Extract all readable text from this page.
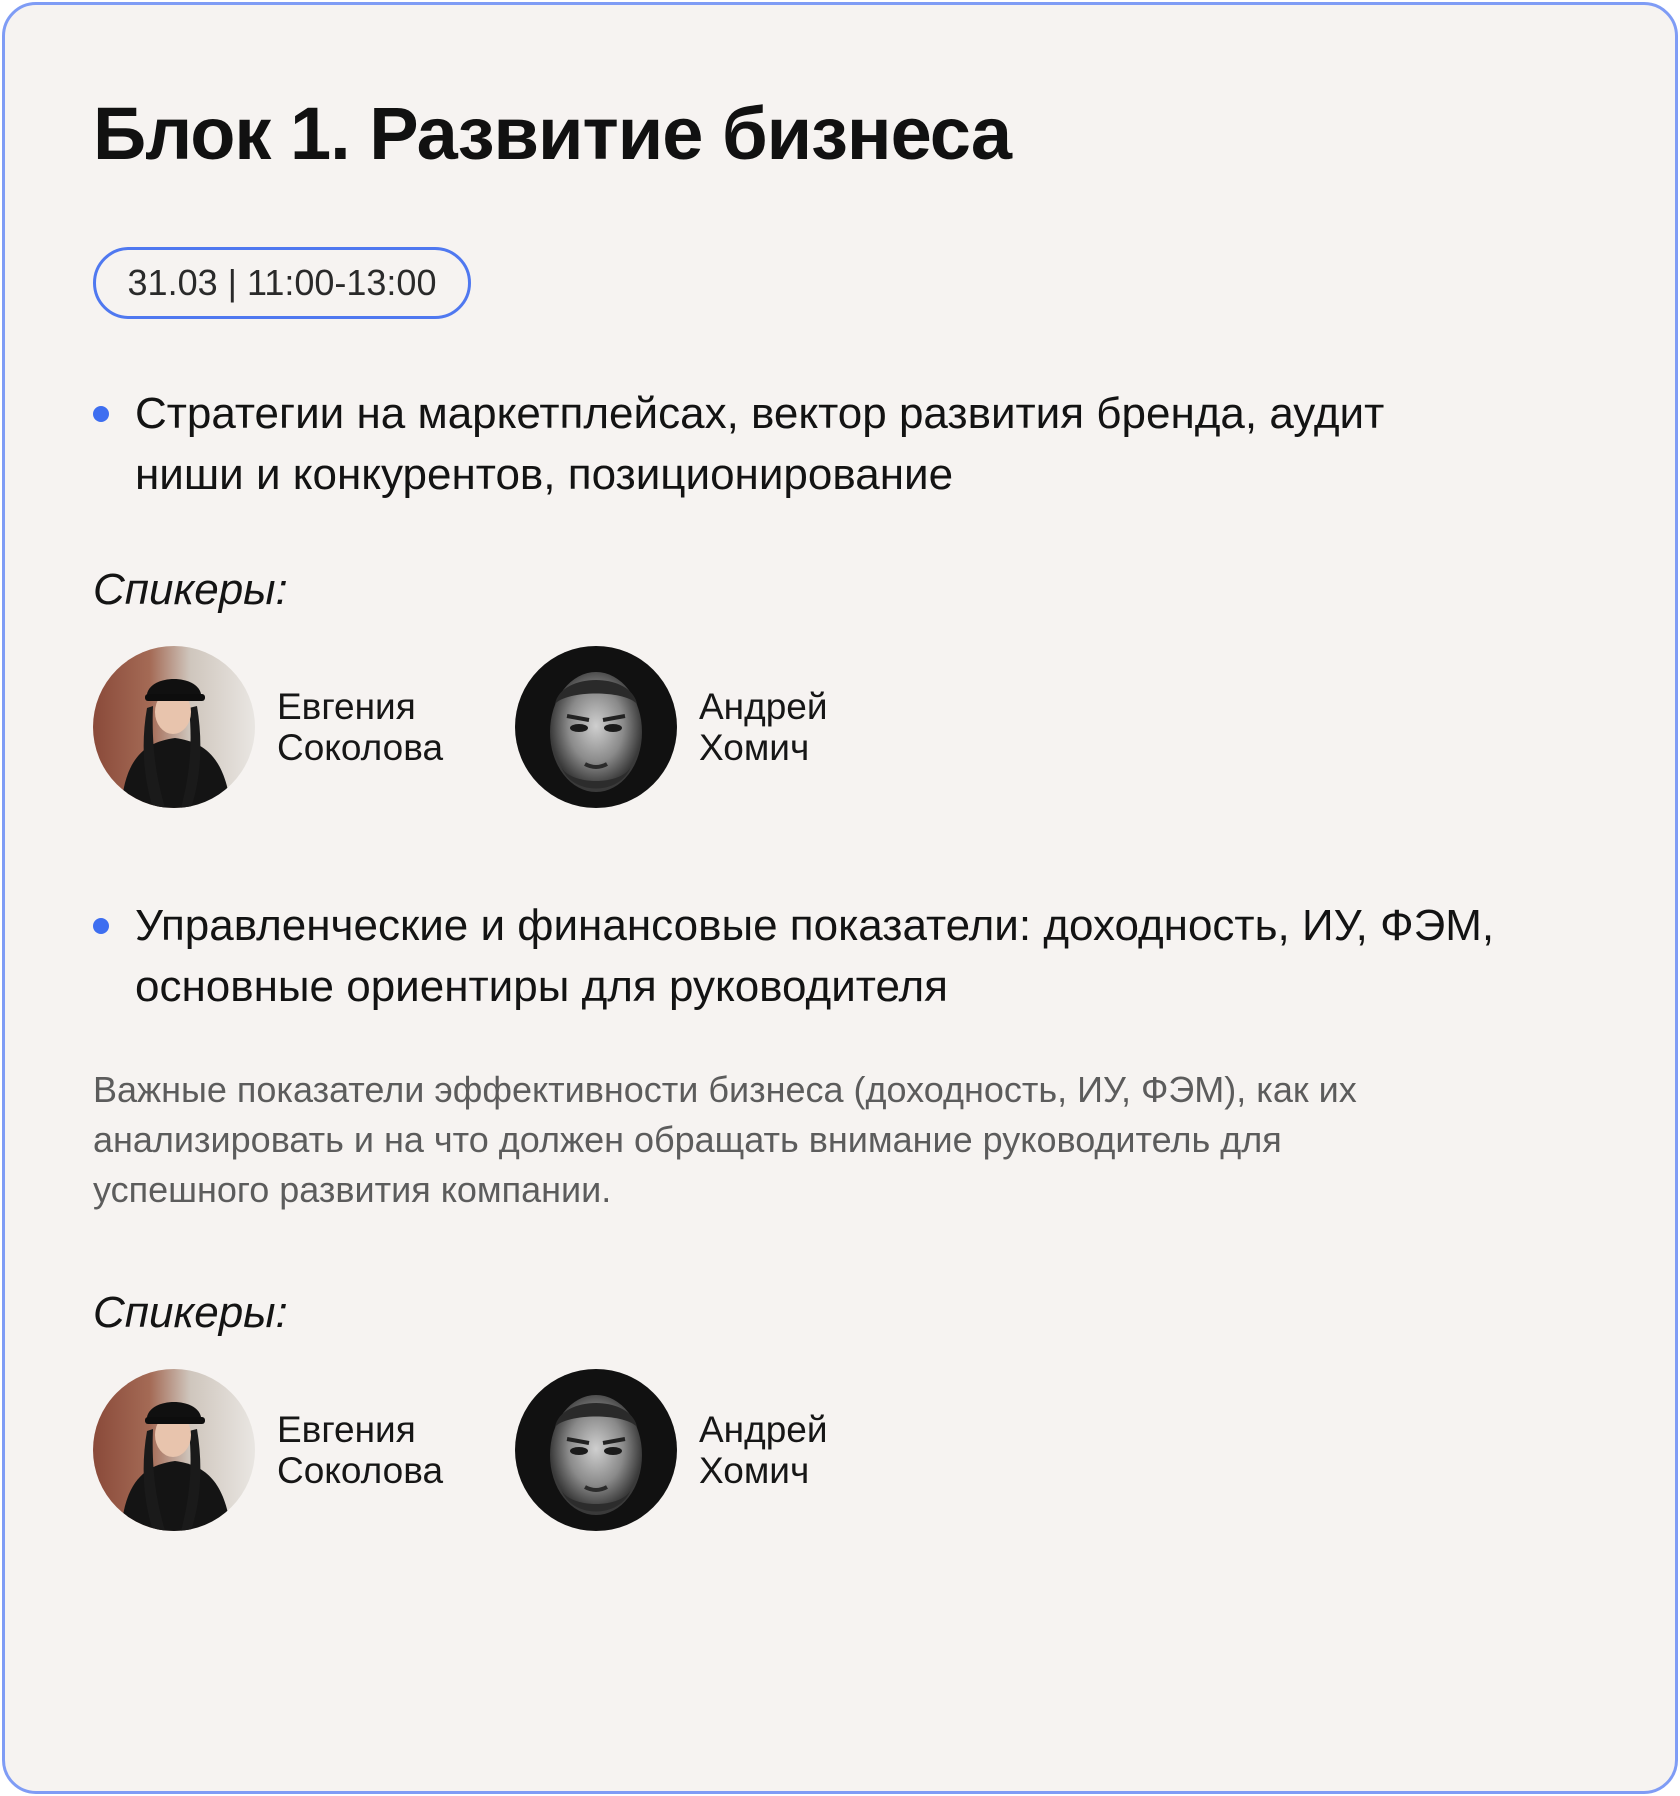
Блок 1. Развитие бизнеса
31.03 | 11:00-13:00
Стратегии на маркетплейсах, вектор развития бренда, аудит ниши и конкурентов, позиционирование
Спикеры:
Евгения
Соколова
Андрей
Хомич
Управленческие и финансовые показатели: доходность, ИУ, ФЭМ, основные ориентиры для руководителя
Важные показатели эффективности бизнеса (доходность, ИУ, ФЭМ), как их анализировать и на что должен обращать внимание руководитель для успешного развития компании.
Спикеры:
Евгения
Соколова
Андрей
Хомич
